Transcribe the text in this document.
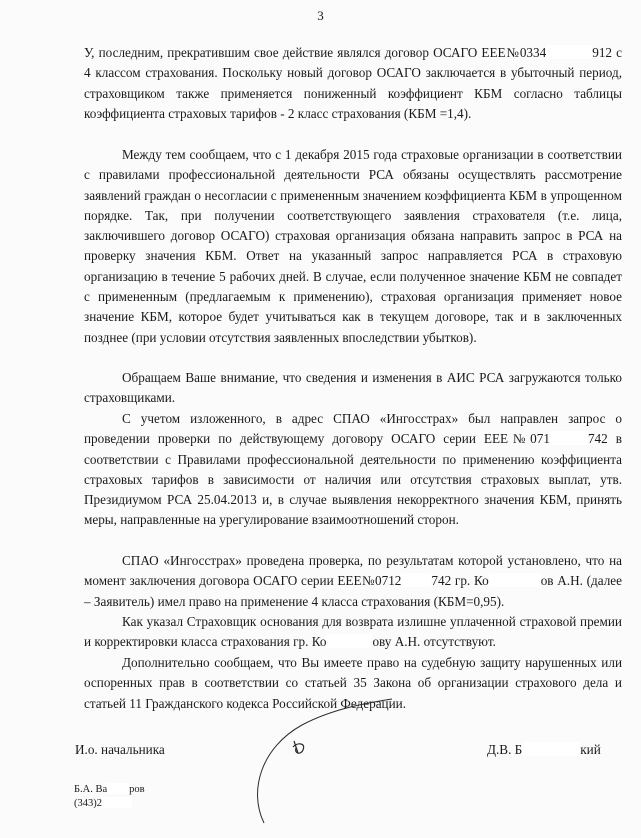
3

У, последним, прекратившим свое действие являлся договор ОСАГО ЕЕЕ№0334	912 с 4 классом страхования. Поскольку новый договор ОСАГО заключается в убыточный период, страховщиком также применяется пониженный коэффициент КБМ согласно таблицы коэффициента страховых тарифов - 2 класс страхования (КБМ =1,4).

Между тем сообщаем, что с 1 декабря 2015 года страховые организации в соответствии с правилами профессиональной деятельности РСА обязаны осуществлять рассмотрение заявлений граждан о несогласии с примененным значением коэффициента КБМ в упрощенном порядке. Так, при получении соответствующего заявления страхователя (т.е. лица, заключившего договор ОСАГО) страховая организация обязана направить запрос в РСА на проверку значения КБМ. Ответ на указанный запрос направляется РСА в страховую организацию в течение 5 рабочих дней. В случае, если полученное значение КБМ не совпадет с примененным (предлагаемым к применению), страховая организация применяет новое значение КБМ, которое будет учитываться как в текущем договоре, так и в заключенных позднее (при условии отсутствия заявленных впоследствии убытков).

Обращаем Ваше внимание, что сведения и изменения в АИС РСА загружаются только страховщиками.

С учетом изложенного, в адрес СПАО «Ингосстрах» был направлен запрос о проведении проверки по действующему договору ОСАГО серии ЕЕЕ№071	742 в соответствии с Правилами профессиональной деятельности по применению коэффициента страховых тарифов в зависимости от наличия или отсутствия страховых выплат, утв. Президиумом РСА 25.04.2013 и, в случае выявления некорректного значения КБМ, принять меры, направленные на урегулирование взаимоотношений сторон.

СПАО «Ингосстрах» проведена проверка, по результатам которой установлено, что на момент заключения договора ОСАГО серии ЕЕЕ№0712 742 гр. Ко	ов А.Н. (далее – Заявитель) имел право на применение 4 класса страхования (КБМ=0,95).

Как указал Страховщик основания для возврата излишне уплаченной страховой премии и корректировки класса страхования гр. Ко	ову А.Н. отсутствуют.

Дополнительно сообщаем, что Вы имеете право на судебную защиту нарушенных или оспоренных прав в соответствии со статьей 35 Закона об организации страхового дела и статьей 11 Гражданского кодекса Российской Федерации.

И.о. начальника	Д.В. Б	кий
Б.А. Ва ров
(343)2
